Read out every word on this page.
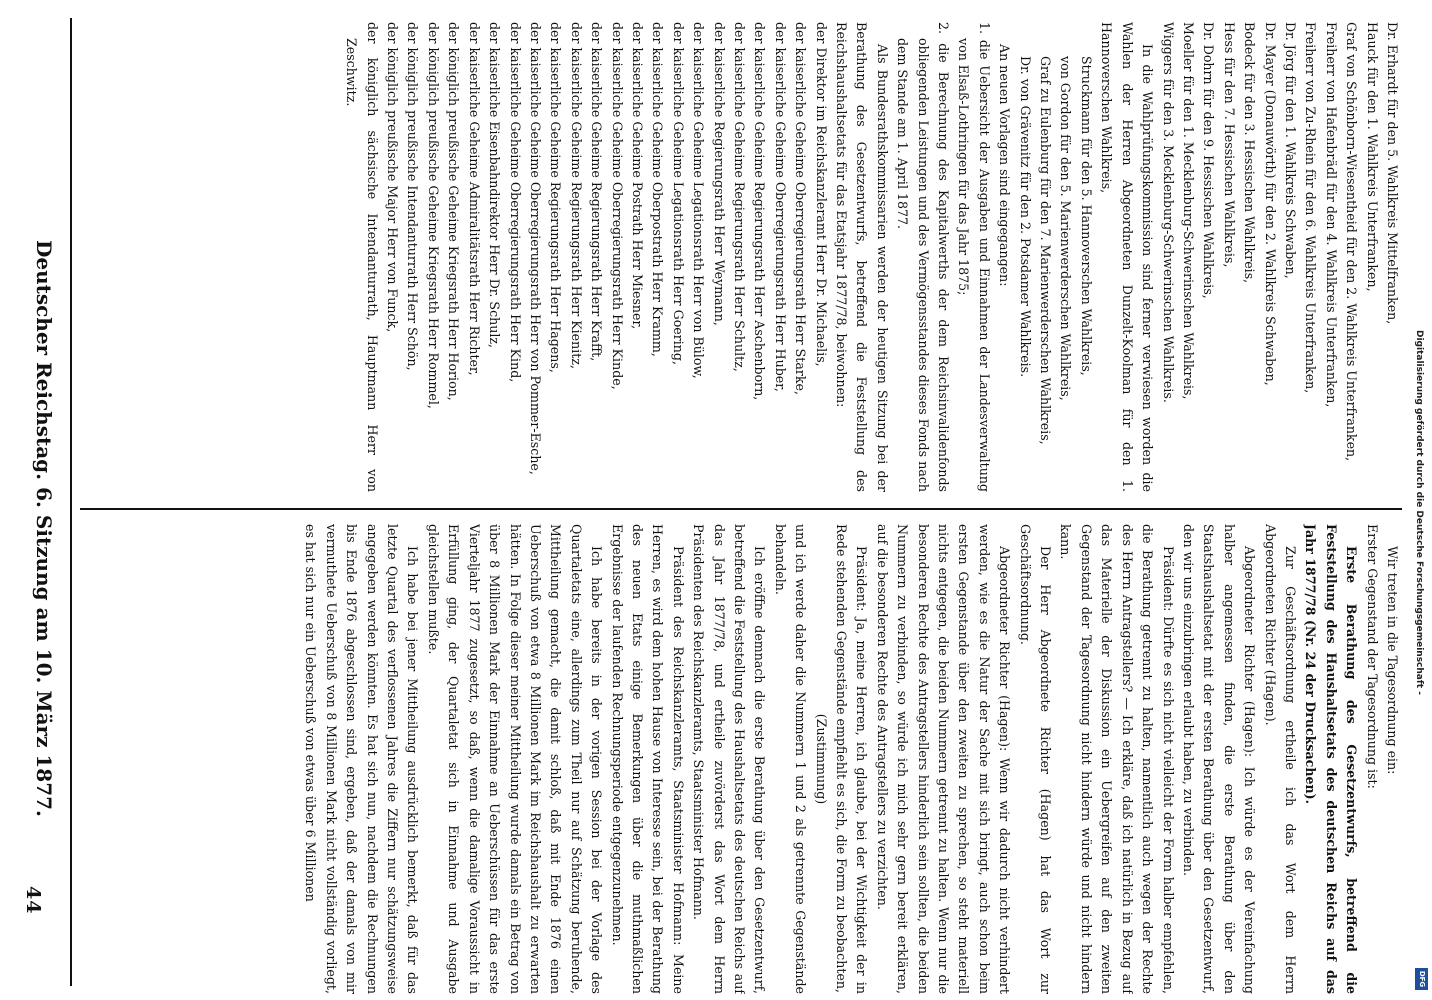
44
Deutscher Reichstag. 6. Sitzung am 10. März 1877.

Dr. Erhardt für den 5. Wahlkreis Mittelfranken,

Hauck für den 1. Wahlkreis Unterfranken,

Graf von Schönborn-Wiesentheid für den 2. Wahlkreis Unterfranken,

Freiherr von Hafenbrädl für den 4. Wahlkreis Unterfranken,

Freiherr von Zu-Rhein für den 6. Wahlkreis Unterfranken,

Dr. Jörg für den 1. Wahlkreis Schwaben,

Dr. Mayer (Donauwörth) für den 2. Wahlkreis Schwaben,

Bodeck für den 3. Hessischen Wahlkreis,

Hess für den 7. Hessischen Wahlkreis,

Dr. Dohrn für den 9. Hessischen Wahlkreis,

Moeller für den 1. Mecklenburg-Schwerinschen Wahlkreis,

Wiggers für den 3. Mecklenburg-Schwerinschen Wahlkreis.

In die Wahlprüfungskommission sind ferner verwiesen worden die Wahlen der Herren Abgeordneten Dunzelt-Koolman für den 1. Hannoverschen Wahlkreis,

Struckmann für den 5. Hannoverschen Wahlkreis,

von Gordon für den 5. Marienwerderschen Wahlkreis,

Graf zu Eulenburg für den 7. Marienwerderschen Wahlkreis,

Dr. von Grävenitz für den 2. Potsdamer Wahlkreis.

An neuen Vorlagen sind eingegangen:

1. die Uebersicht der Ausgaben und Einnahmen der Landesverwaltung von Elsaß-Lothringen für das Jahr 1875;

2. die Berechnung des Kapitalwerths der dem Reichsinvalidenfonds obliegenden Leistungen und des Vermögensstandes dieses Fonds nach dem Stande am 1. April 1877.

Als Bundesrathskommissarien werden der heutigen Sitzung bei der Berathung des Gesetzentwurfs, betreffend die Feststellung des Reichshaushaltsetats für das Etatsjahr 1877/78, beiwohnen:

der Direktor im Reichskanzleramt Herr Dr. Michaelis,

der kaiserliche Geheime Oberregierungsrath Herr Starke,

der kaiserliche Geheime Oberregierungsrath Herr Huber,

der kaiserliche Geheime Regierungsrath Herr Aschenborn,

der kaiserliche Geheime Regierungsrath Herr Schultz,

der kaiserliche Regierungsrath Herr Weymann,

der kaiserliche Geheime Legationsrath Herr von Bülow,

der kaiserliche Geheime Legationsrath Herr Goering,

der kaiserliche Geheime Oberpostrath Herr Kramm,

der kaiserliche Geheime Postrath Herr Miesner,

der kaiserliche Geheime Oberregierungsrath Herr Kinde,

der kaiserliche Geheime Regierungsrath Herr Krafft,

der kaiserliche Geheime Regierungsrath Herr Kienitz,

der kaiserliche Geheime Regierungsrath Herr Hagens,

der kaiserliche Geheime Oberregierungsrath Herr von Pommer-Esche,

der kaiserliche Geheime Oberregierungsrath Herr Kind,

der kaiserliche Eisenbahndirektor Herr Dr. Schulz,

der kaiserliche Geheime Admiralitätsrath Herr Richter,

der königlich preußische Geheime Kriegsrath Herr Horion,

der königlich preußische Geheime Kriegsrath Herr Rommel,

der königlich preußische Intendanturrath Herr Schön,

der königlich preußische Major Herr von Funck,

der königlich sächsische Intendanturrath, Hauptmann Herr von Zeschwitz.

Wir treten in die Tagesordnung ein:

Erster Gegenstand der Tagesordnung ist:

Erste Berathung des Gesetzentwurfs, betreffend die Feststellung des Haushaltsetats des deutschen Reichs auf das Jahr 1877/78 (Nr. 24 der Drucksachen).

Zur Geschäftsordnung ertheile ich das Wort dem Herrn Abgeordneten Richter (Hagen).

Abgeordneter Richter (Hagen): Ich würde es der Vereinfachung halber angemessen finden, die erste Berathung über den Staatshaushaltsetat mit der ersten Berathung über den Gesetzentwurf, den wir uns einzubringen erlaubt haben, zu verbinden.

Präsident: Dürfte es sich nicht vielleicht der Form halber empfehlen, die Berathung getrennt zu halten, namentlich auch wegen der Rechte des Herrn Antragstellers? — Ich erkläre, daß ich natürlich in Bezug auf das Materielle der Diskussion ein Uebergreifen auf den zweiten Gegenstand der Tagesordnung nicht hindern würde und nicht hindern kann.

Der Herr Abgeordnete Richter (Hagen) hat das Wort zur Geschäftsordnung.

Abgeordneter Richter (Hagen): Wenn wir dadurch nicht verhindert werden, wie es die Natur der Sache mit sich bringt, auch schon beim ersten Gegenstande über den zweiten zu sprechen, so steht materiell nichts entgegen, die beiden Nummern getrennt zu halten. Wenn nur die besonderen Rechte des Antragstellers hinderlich sein sollten, die beiden Nummern zu verbinden, so würde ich mich sehr gern bereit erklären, auf die besonderen Rechte des Antragstellers zu verzichten.

Präsident: Ja, meine Herren, ich glaube, bei der Wichtigkeit der in Rede stehenden Gegenstände empfiehlt es sich, die Form zu beobachten,

(Zustimmung)

und ich werde daher die Nummern 1 und 2 als getrennte Gegenstände behandeln.

Ich eröffne demnach die erste Berathung über den Gesetzentwurf, betreffend die Feststellung des Haushaltsetats des deutschen Reichs auf das Jahr 1877/78, und ertheile zuvörderst das Wort dem Herrn Präsidenten des Reichskanzleramts, Staatsminister Hofmann.

Präsident des Reichskanzleramts, Staatsminister Hofmann: Meine Herren, es wird dem hohen Hause von Interesse sein, bei der Berathung des neuen Etats einige Bemerkungen über die muthmaßlichen Ergebnisse der laufenden Rechnungsperiode entgegenzunehmen.

Ich habe bereits in der vorigen Session bei der Vorlage des Quartaletats eine, allerdings zum Theil nur auf Schätzung beruhende, Mittheilung gemacht, die damit schloß, daß mit Ende 1876 einen Ueberschuß von etwa 8 Millionen Mark im Reichshaushalt zu erwarten hätten. In Folge dieser meiner Mittheilung wurde damals ein Betrag von über 8 Millionen Mark der Einnahme an Ueberschüssen für das erste Vierteljahr 1877 zugesetzt, so daß, wenn die damalige Voraussicht in Erfüllung ging, der Quartaletat sich in Einnahme und Ausgabe gleichstellen mußte.

Ich habe bei jener Mittheilung ausdrücklich bemerkt, daß für das letzte Quartal des verflossenen Jahres die Ziffern nur schätzungsweise angegeben werden könnten. Es hat sich nun, nachdem die Rechnungen bis Ende 1876 abgeschlossen sind, ergeben, daß der damals von mir vermuthete Ueberschuß von 8 Millionen Mark nicht vollständig vorliegt, es hat sich nur ein Ueberschuß von etwas über 6 Millionen

Digitalisierung gefördert durch die Deutsche Forschungsgemeinschaft -
DFG
